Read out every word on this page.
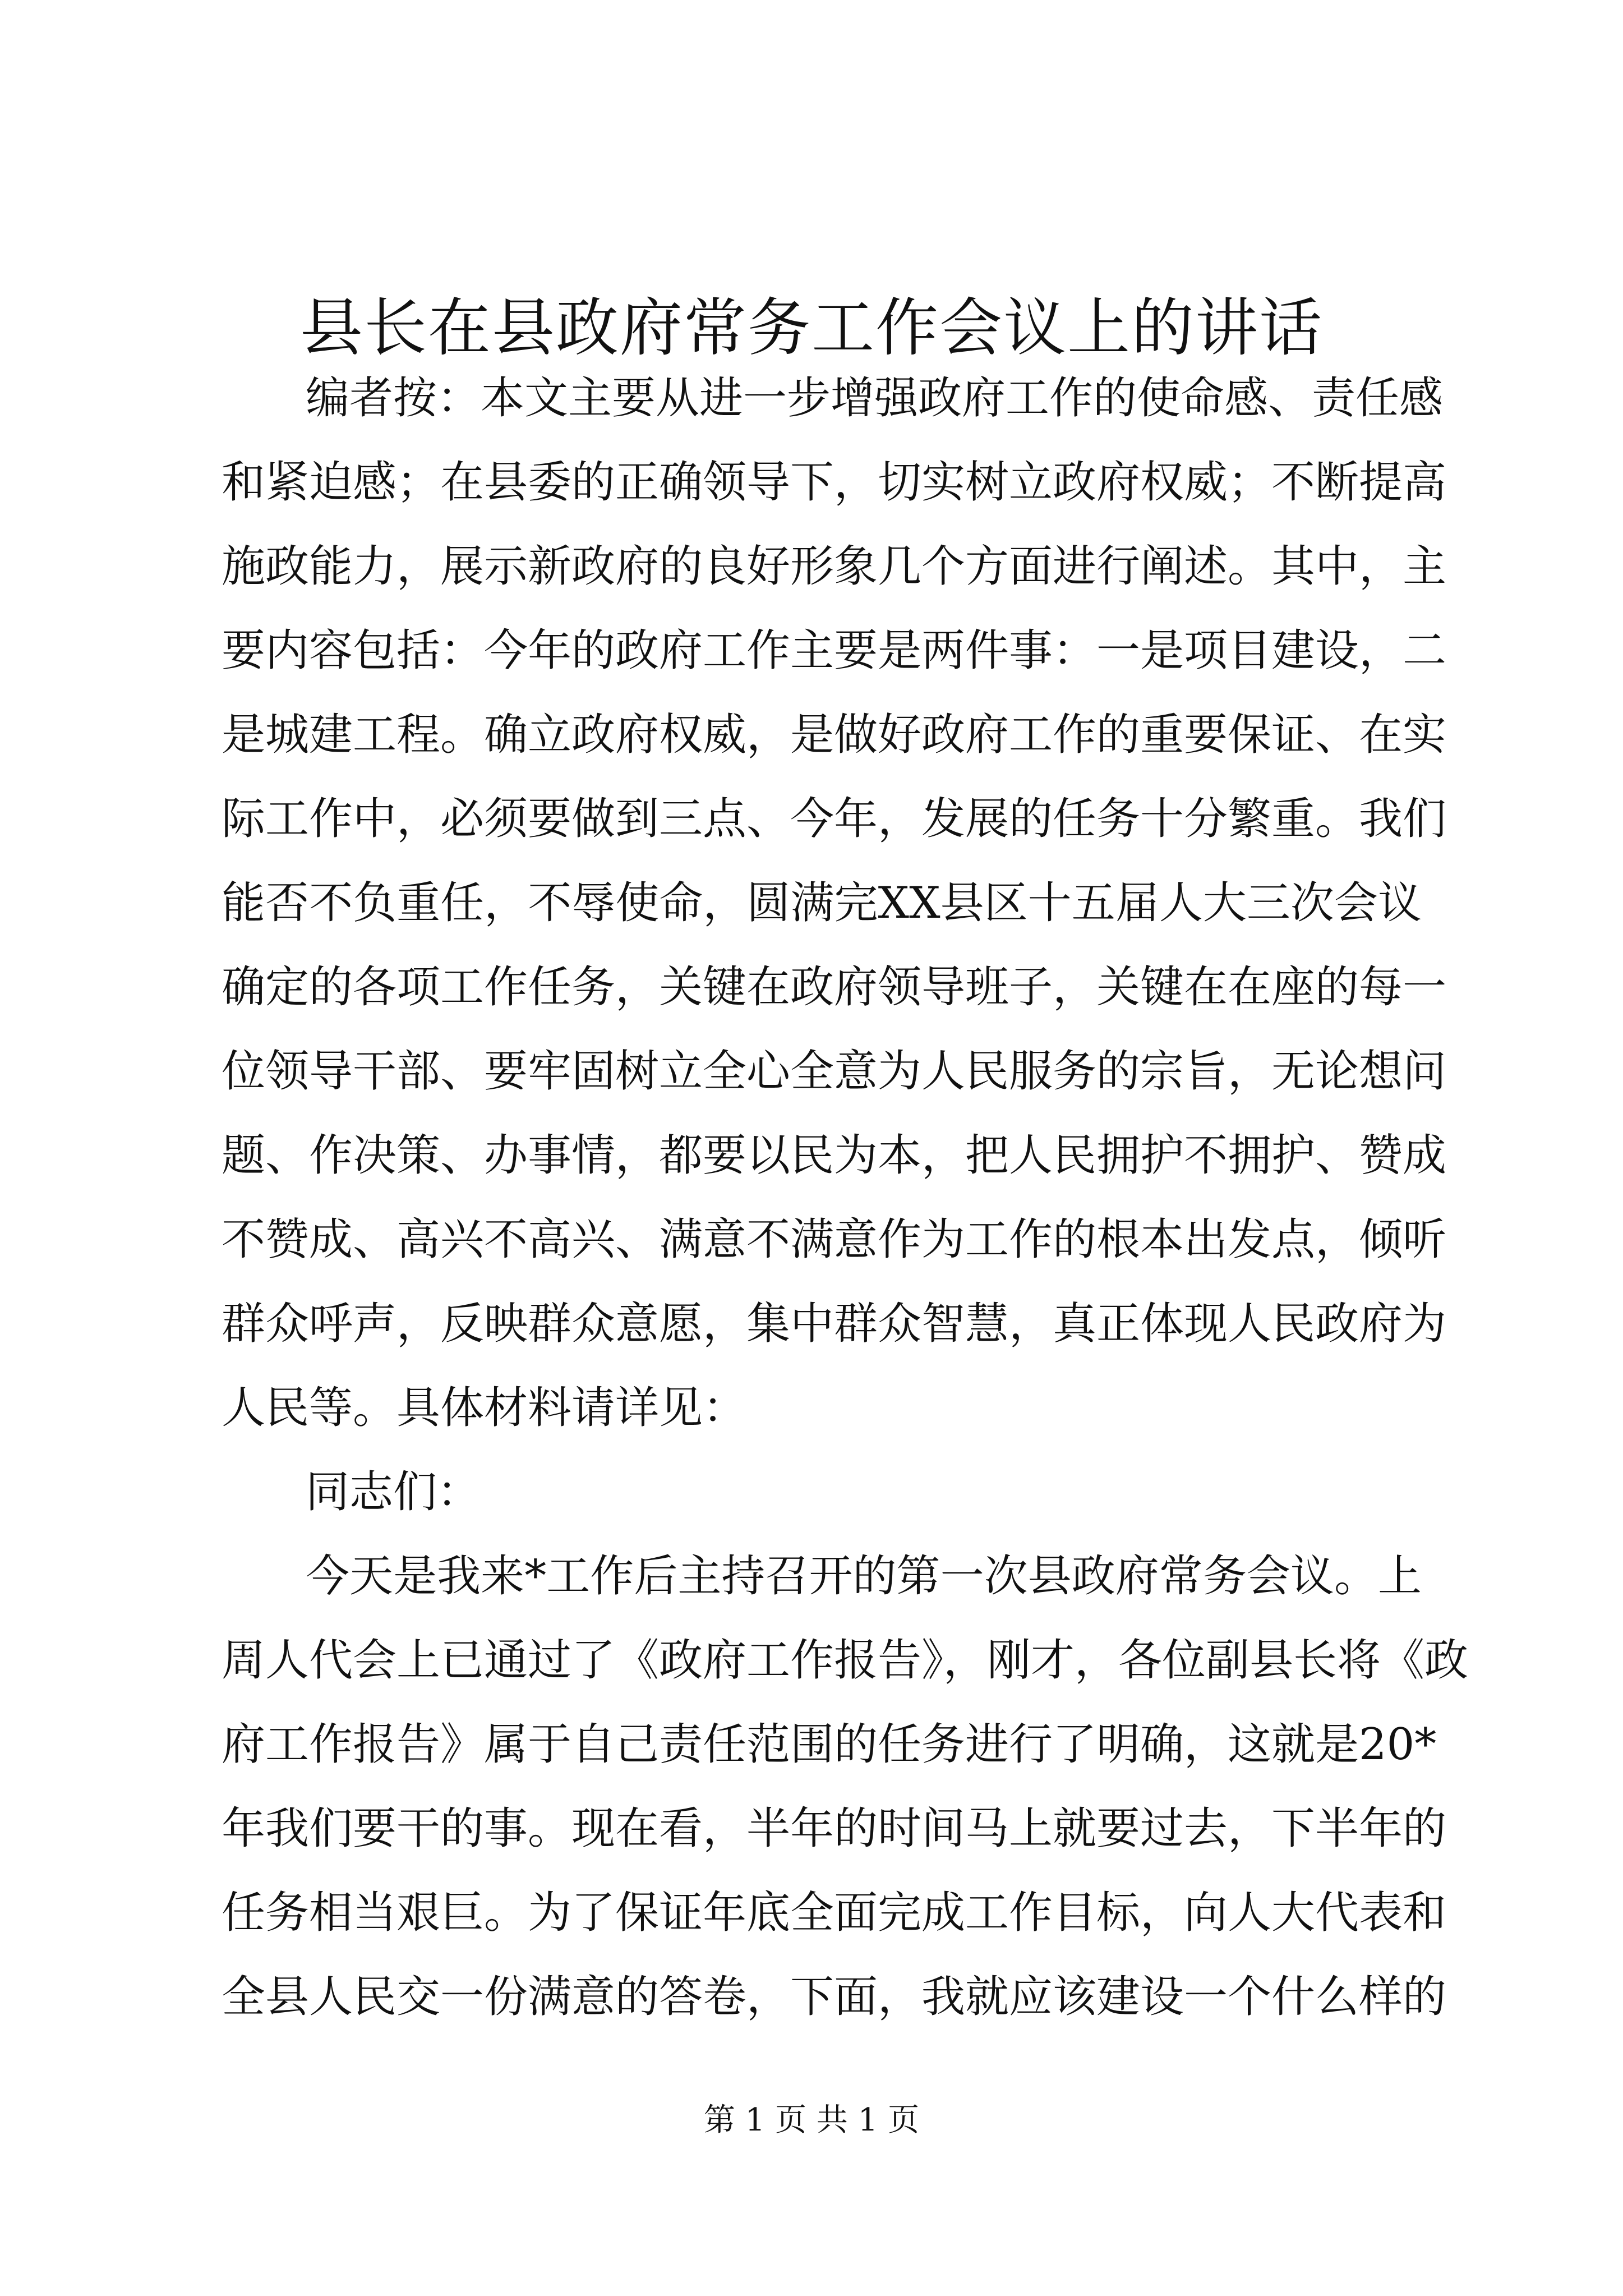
县长在县政府常务工作会议上的讲话
编者按：本文主要从进一步增强政府工作的使命感、责任感
和紧迫感；在县委的正确领导下，切实树立政府权威；不断提高
施政能力，展示新政府的良好形象几个方面进行阐述。其中，主
要内容包括：今年的政府工作主要是两件事：一是项目建设，二
是城建工程。确立政府权威，是做好政府工作的重要保证、在实
际工作中，必须要做到三点、今年，发展的任务十分繁重。我们
能否不负重任，不辱使命，圆满完XX县区十五届人大三次会议
确定的各项工作任务，关键在政府领导班子，关键在在座的每一
位领导干部、要牢固树立全心全意为人民服务的宗旨，无论想问
题、作决策、办事情，都要以民为本，把人民拥护不拥护、赞成
不赞成、高兴不高兴、满意不满意作为工作的根本出发点，倾听
群众呼声，反映群众意愿，集中群众智慧，真正体现人民政府为
人民等。具体材料请详见：
同志们：
今天是我来*工作后主持召开的第一次县政府常务会议。上
周人代会上已通过了《政府工作报告》，刚才，各位副县长将《政
府工作报告》属于自己责任范围的任务进行了明确，这就是20*
年我们要干的事。现在看，半年的时间马上就要过去，下半年的
任务相当艰巨。为了保证年底全面完成工作目标，向人大代表和
全县人民交一份满意的答卷，下面，我就应该建设一个什么样的
第 1 页 共 1 页
